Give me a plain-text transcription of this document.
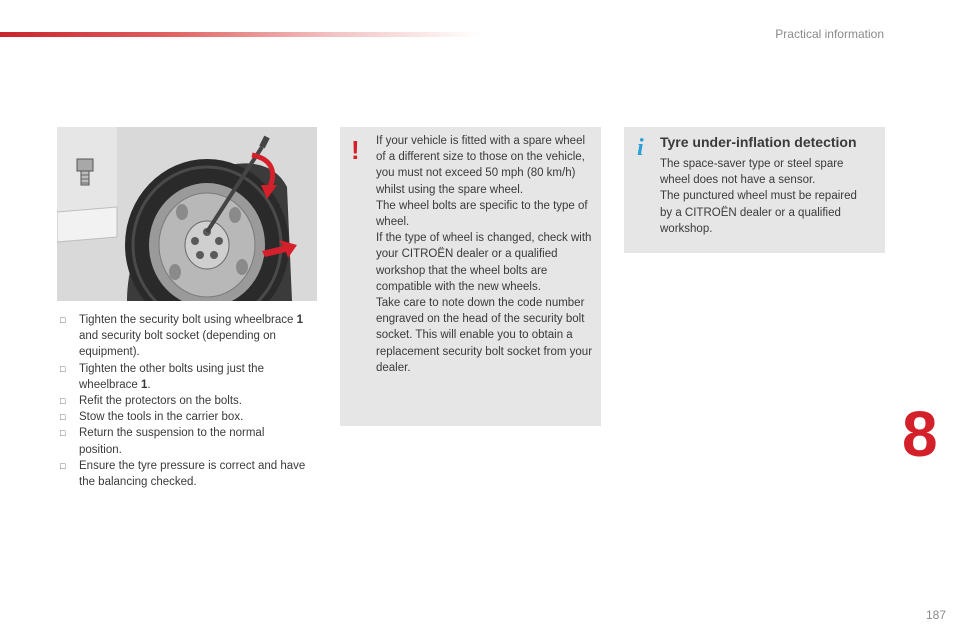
Practical information
□ Tighten the security bolt using wheelbrace 1 and security bolt socket (depending on equipment).
□ Tighten the other bolts using just the wheelbrace 1.
□ Refit the protectors on the bolts.
□ Stow the tools in the carrier box.
□ Return the suspension to the normal position.
□ Ensure the tyre pressure is correct and have the balancing checked.
! If your vehicle is fitted with a spare wheel of a different size to those on the vehicle, you must not exceed 50 mph (80 km/h) whilst using the spare wheel.
The wheel bolts are specific to the type of wheel.
If the type of wheel is changed, check with your CITROËN dealer or a qualified workshop that the wheel bolts are compatible with the new wheels.
Take care to note down the code number engraved on the head of the security bolt socket. This will enable you to obtain a replacement security bolt socket from your dealer.
i Tyre under-inflation detection
The space-saver type or steel spare wheel does not have a sensor.
The punctured wheel must be repaired by a CITROËN dealer or a qualified workshop.
8
187
